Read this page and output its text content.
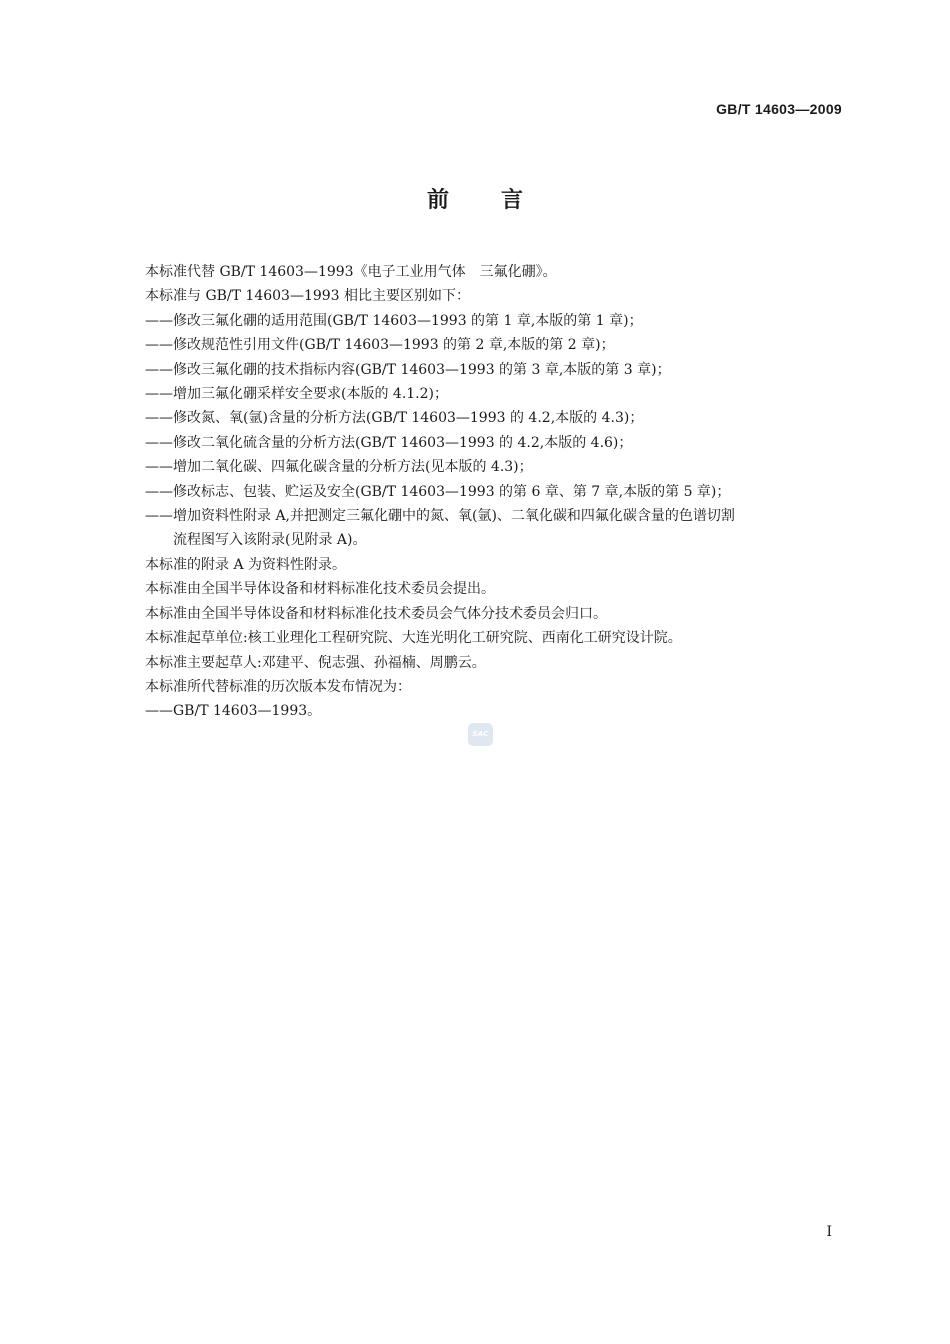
GB/T 14603—2009
前言
本标准代替 GB/T 14603—1993《电子工业用气体　三氟化硼》。
本标准与 GB/T 14603—1993 相比主要区别如下：
——修改三氟化硼的适用范围(GB/T 14603—1993 的第 1 章,本版的第 1 章)；
——修改规范性引用文件(GB/T 14603—1993 的第 2 章,本版的第 2 章)；
——修改三氟化硼的技术指标内容(GB/T 14603—1993 的第 3 章,本版的第 3 章)；
——增加三氟化硼采样安全要求(本版的 4.1.2)；
——修改氮、氧(氩)含量的分析方法(GB/T 14603—1993 的 4.2,本版的 4.3)；
——修改二氧化硫含量的分析方法(GB/T 14603—1993 的 4.2,本版的 4.6)；
——增加二氧化碳、四氟化碳含量的分析方法(见本版的 4.3)；
——修改标志、包装、贮运及安全(GB/T 14603—1993 的第 6 章、第 7 章,本版的第 5 章)；
——增加资料性附录 A,并把测定三氟化硼中的氮、氧(氩)、二氧化碳和四氟化碳含量的色谱切割
流程图写入该附录(见附录 A)。
本标准的附录 A 为资料性附录。
本标准由全国半导体设备和材料标准化技术委员会提出。
本标准由全国半导体设备和材料标准化技术委员会气体分技术委员会归口。
本标准起草单位:核工业理化工程研究院、大连光明化工研究院、西南化工研究设计院。
本标准主要起草人:邓建平、倪志强、孙福楠、周鹏云。
本标准所代替标准的历次版本发布情况为：
——GB/T 14603—1993。
SAC
I
